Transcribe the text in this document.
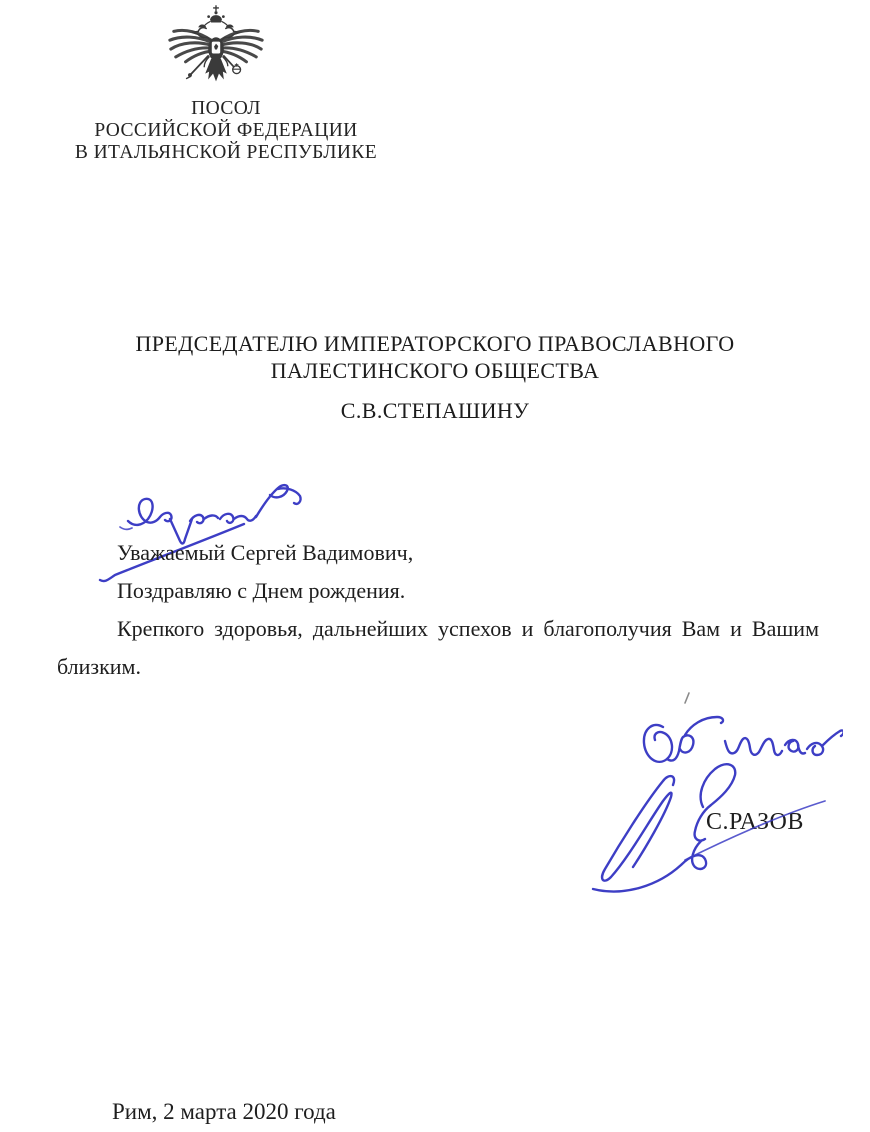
ПОСОЛ
РОССИЙСКОЙ ФЕДЕРАЦИИ
В ИТАЛЬЯНСКОЙ РЕСПУБЛИКЕ
ПРЕДСЕДАТЕЛЮ ИМПЕРАТОРСКОГО ПРАВОСЛАВНОГО
ПАЛЕСТИНСКОГО ОБЩЕСТВА
С.В.СТЕПАШИНУ

Уважаемый Сергей Вадимович,

Поздравляю с Днем рождения.

Крепкого здоровья, дальнейших успехов и благополучия Вам и Вашим близким.

С.РАЗОВ
Рим, 2 марта 2020 года
